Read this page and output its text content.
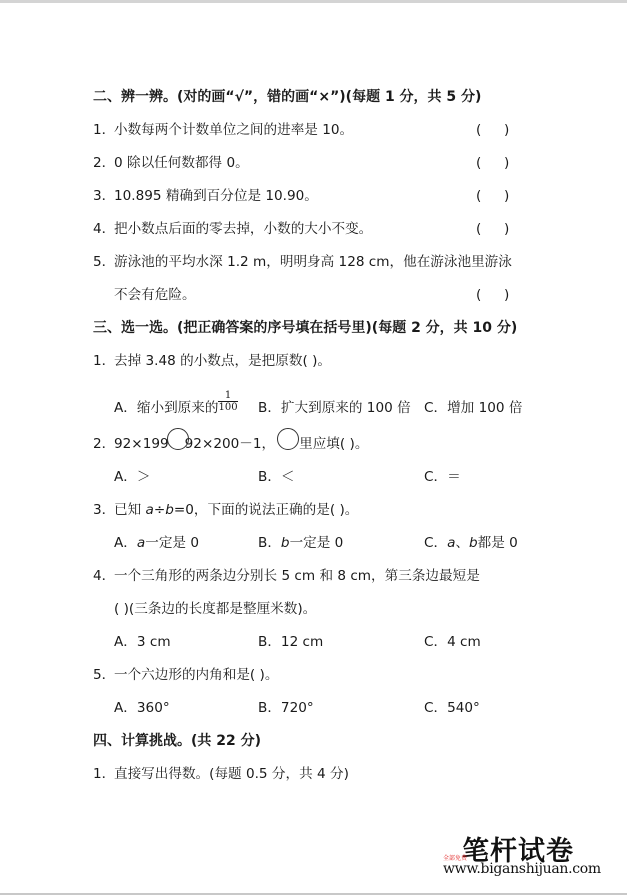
二、辨一辨。(对的画“√”，错的画“×”)(每题 1 分，共 5 分)
1．小数每两个计数单位之间的进率是 10。	( )
2．0 除以任何数都得 0。	( )
3．10.895 精确到百分位是 10.90。	( )
4．把小数点后面的零去掉，小数的大小不变。	( )
5．游泳池的平均水深 1.2 m，明明身高 128 cm，他在游泳池里游泳
不会有危险。	( )
三、选一选。(把正确答案的序号填在括号里)(每题 2 分，共 10 分)
1．去掉 3.48 的小数点，是把原数( )。
A．缩小到原来的 $\frac{1}{100}$ B．扩大到原来的 100 倍 C．增加 100 倍
2．92×199 92×200－1， 里应填( )。
A．＞	B．＜	C．＝
3．已知 a÷b=0，下面的说法正确的是( )。
A．a一定是 0	B．b一定是 0	C．a、b都是 0
4．一个三角形的两条边分别长 5 cm 和 8 cm，第三条边最短是
( )(三条边的长度都是整厘米数)。
A．3 cm	B．12 cm	C．4 cm
5．一个六边形的内角和是( )。
A．360°	B．720°	C．540°
四、计算挑战。(共 22 分)
1．直接写出得数。(每题 0.5 分，共 4 分)
笔杆试卷
全部免费
www.biganshijuan.com
